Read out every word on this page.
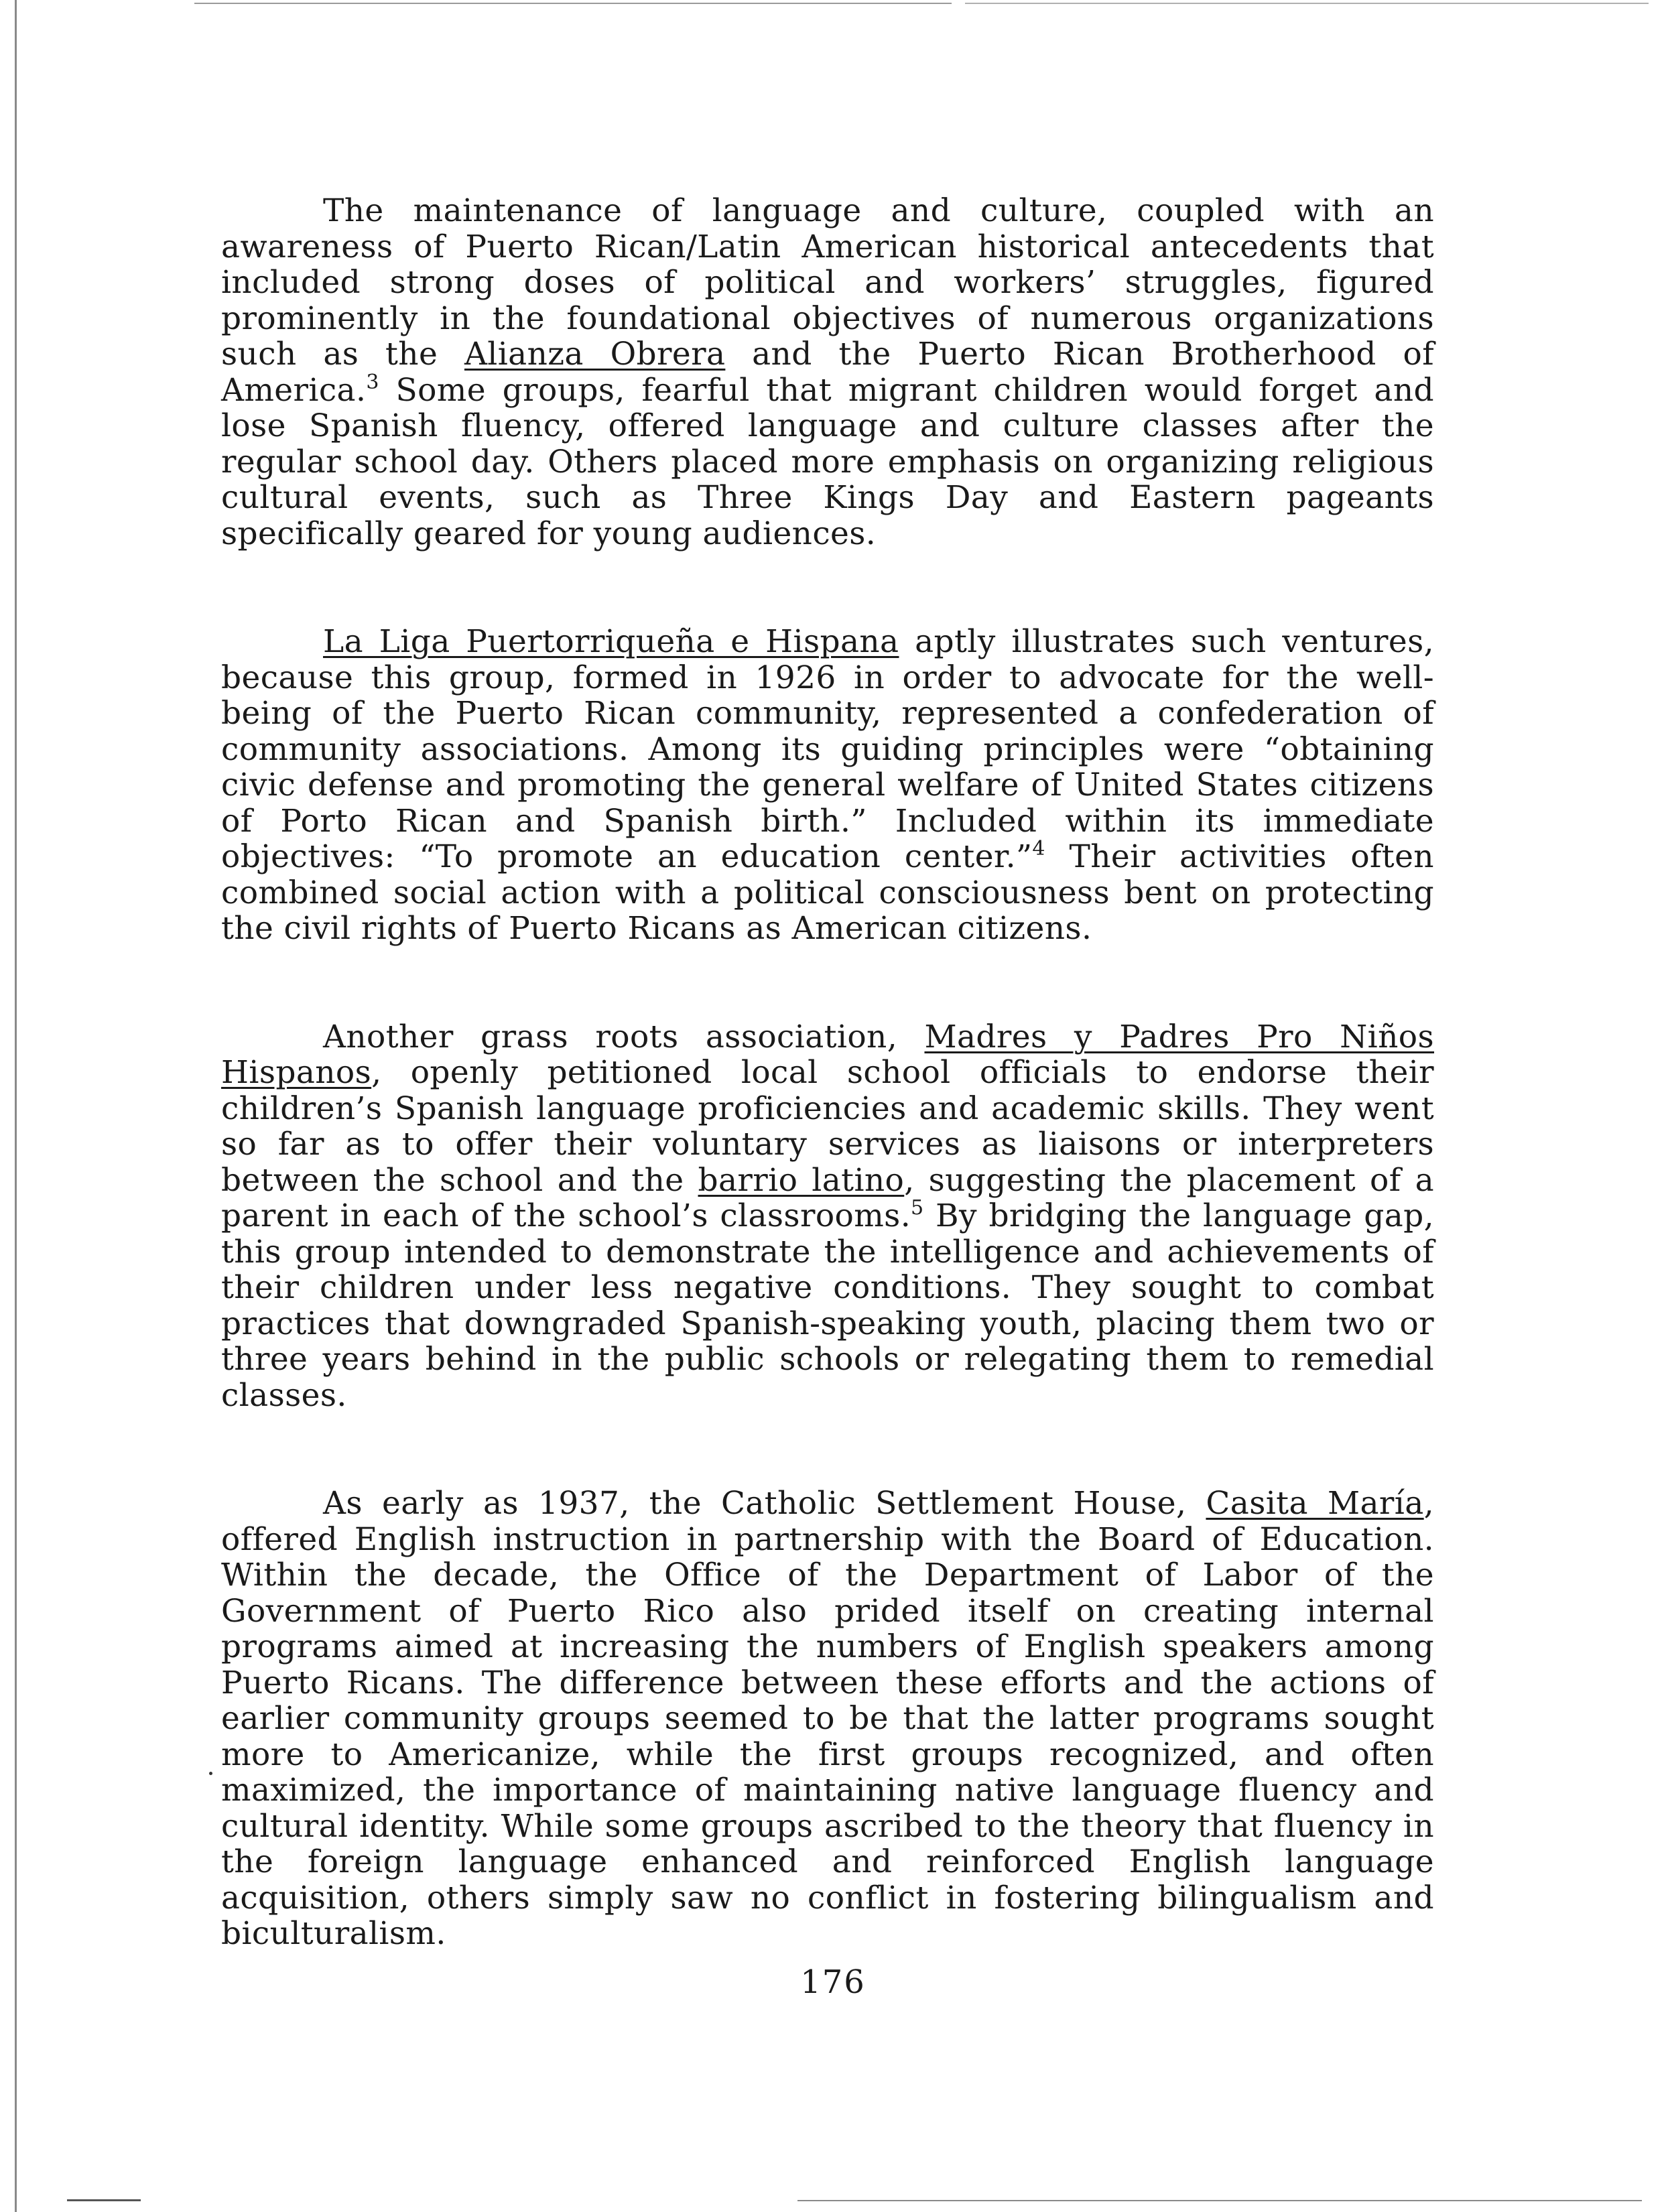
The maintenance of language and culture, coupled with an awareness of Puerto Rican/Latin American historical antecedents that included strong doses of political and workers’ struggles, figured prominently in the foundational objectives of numerous organizations such as the Alianza Obrera and the Puerto Rican Brotherhood of America.$^3$ Some groups, fearful that migrant children would forget and lose Spanish fluency, offered language and culture classes after the regular school day. Others placed more emphasis on organizing religious cultural events, such as Three Kings Day and Eastern pageants specifically geared for young audiences.

La Liga Puertorriqueña e Hispana aptly illustrates such ventures, because this group, formed in 1926 in order to advocate for the well-being of the Puerto Rican community, represented a confederation of community associations. Among its guiding principles were “obtaining civic defense and promoting the general welfare of United States citizens of Porto Rican and Spanish birth.” Included within its immediate objectives: “To promote an education center.”$^4$ Their activities often combined social action with a political consciousness bent on protecting the civil rights of Puerto Ricans as American citizens.

Another grass roots association, Madres y Padres Pro Niños Hispanos, openly petitioned local school officials to endorse their children’s Spanish language proficiencies and academic skills. They went so far as to offer their voluntary services as liaisons or interpreters between the school and the barrio latino, suggesting the placement of a parent in each of the school’s classrooms.$^5$ By bridging the language gap, this group intended to demonstrate the intelligence and achievements of their children under less negative conditions. They sought to combat practices that downgraded Spanish-speaking youth, placing them two or three years behind in the public schools or relegating them to remedial classes.

As early as 1937, the Catholic Settlement House, Casita María, offered English instruction in partnership with the Board of Education. Within the decade, the Office of the Department of Labor of the Government of Puerto Rico also prided itself on creating internal programs aimed at increasing the numbers of English speakers among Puerto Ricans. The difference between these efforts and the actions of earlier community groups seemed to be that the latter programs sought more to Americanize, while the first groups recognized, and often maximized, the importance of maintaining native language fluency and cultural identity. While some groups ascribed to the theory that fluency in the foreign language enhanced and reinforced English language acquisition, others simply saw no conflict in fostering bilingualism and biculturalism.

176
